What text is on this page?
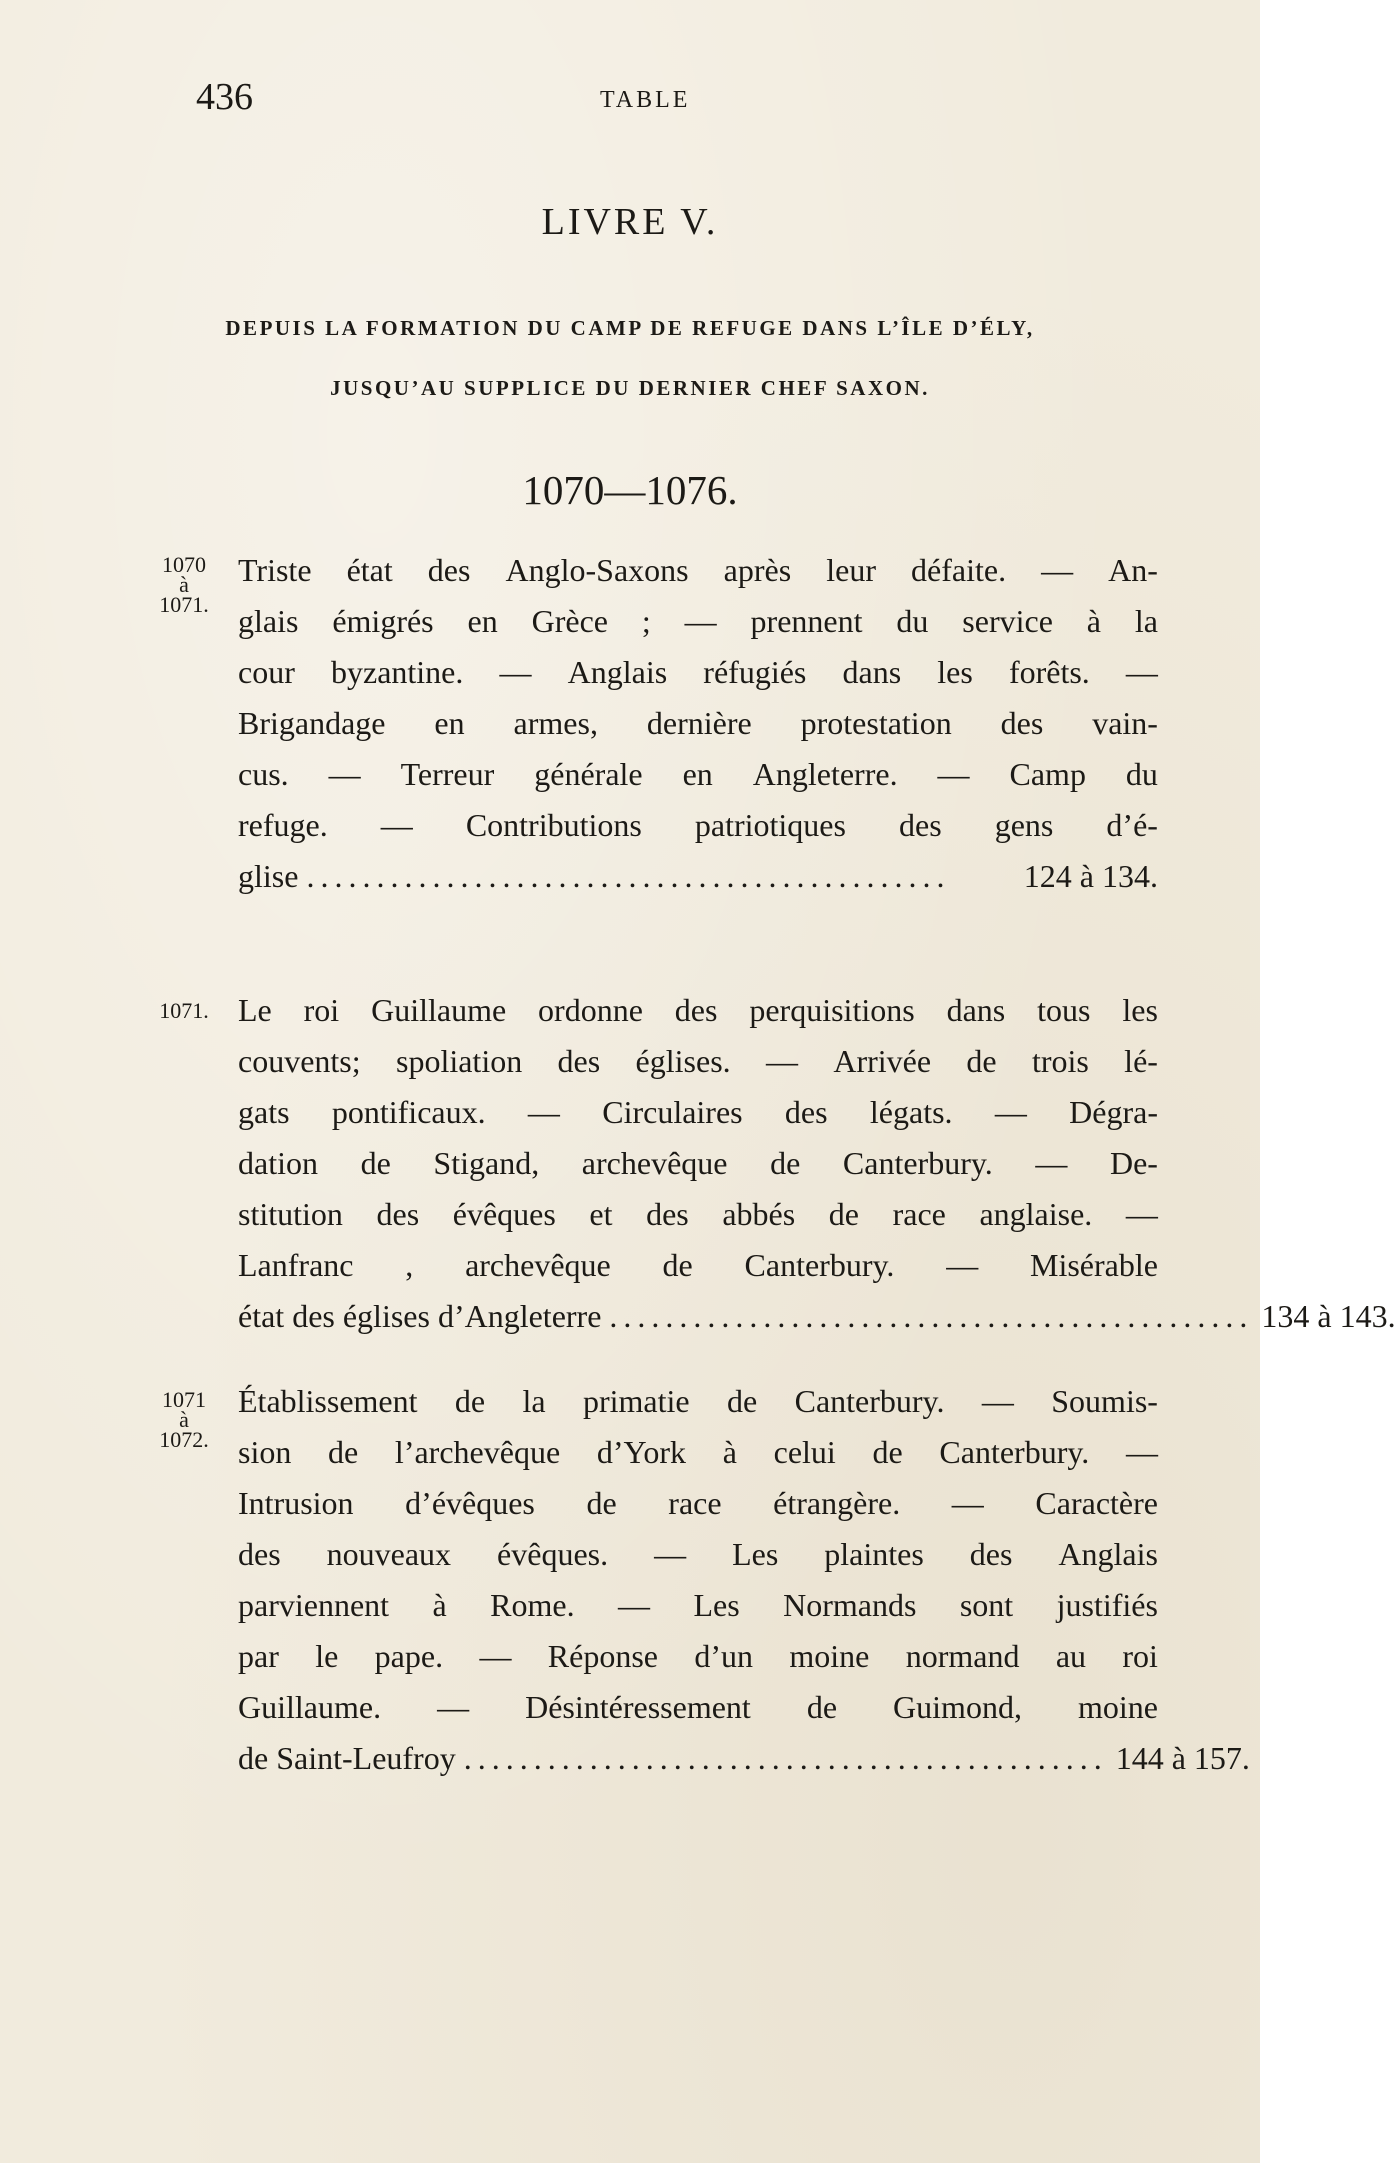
436	TABLE
LIVRE V.
DEPUIS LA FORMATION DU CAMP DE REFUGE DANS L’ÎLE D’ÉLY,
JUSQU’AU SUPPLICE DU DERNIER CHEF SAXON.
1070—1076.
1070
à
1071.
Triste état des Anglo-Saxons après leur défaite. — An-
glais émigrés en Grèce ; — prennent du service à la
cour byzantine. — Anglais réfugiés dans les forêts. —
Brigandage en armes, dernière protestation des vain-
cus. — Terreur générale en Angleterre. — Camp du
refuge. — Contributions patriotiques des gens d’é-
glise ..............................................	124 à 134.
1071. Le roi Guillaume ordonne des perquisitions dans tous les
couvents; spoliation des églises. — Arrivée de trois lé-
gats pontificaux. — Circulaires des légats. — Dégra-
dation de Stigand, archevêque de Canterbury. — De-
stitution des évêques et des abbés de race anglaise. —
Lanfranc , archevêque de Canterbury. — Misérable
état des églises d’Angleterre .............................................. 134 à 143.
1071
à
1072.
Établissement de la primatie de Canterbury. — Soumis-
sion de l’archevêque d’York à celui de Canterbury. —
Intrusion d’évêques de race étrangère. — Caractère
des nouveaux évêques. — Les plaintes des Anglais
parviennent à Rome. — Les Normands sont justifiés
par le pape. — Réponse d’un moine normand au roi
Guillaume. — Désintéressement de Guimond, moine
de Saint-Leufroy .............................................. 144 à 157.
